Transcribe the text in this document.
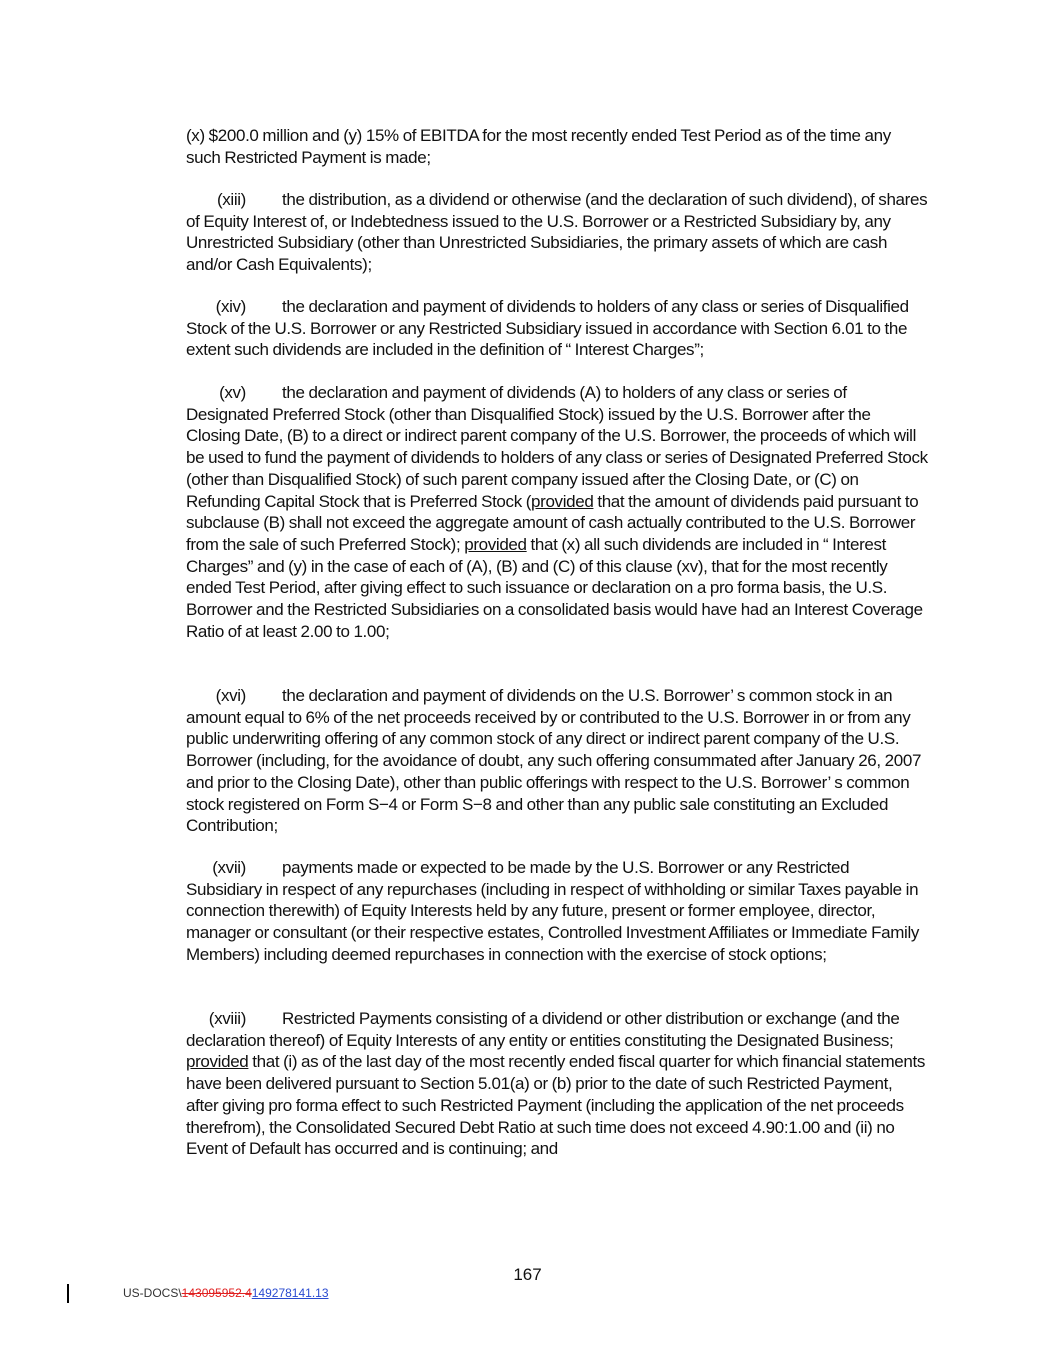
(x) $200.0 million and (y) 15% of EBITDA for the most recently ended Test Period as of the time any such Restricted Payment is made;

(xiii) the distribution, as a dividend or otherwise (and the declaration of such dividend), of shares of Equity Interest of, or Indebtedness issued to the U.S. Borrower or a Restricted Subsidiary by, any Unrestricted Subsidiary (other than Unrestricted Subsidiaries, the primary assets of which are cash and/or Cash Equivalents);

(xiv) the declaration and payment of dividends to holders of any class or series of Disqualified Stock of the U.S. Borrower or any Restricted Subsidiary issued in accordance with Section 6.01 to the extent such dividends are included in the definition of “ Interest Charges”;

(xv) the declaration and payment of dividends (A) to holders of any class or series of Designated Preferred Stock (other than Disqualified Stock) issued by the U.S. Borrower after the Closing Date, (B) to a direct or indirect parent company of the U.S. Borrower, the proceeds of which will be used to fund the payment of dividends to holders of any class or series of Designated Preferred Stock (other than Disqualified Stock) of such parent company issued after the Closing Date, or (C) on Refunding Capital Stock that is Preferred Stock (provided that the amount of dividends paid pursuant to subclause (B) shall not exceed the aggregate amount of cash actually contributed to the U.S. Borrower from the sale of such Preferred Stock); provided that (x) all such dividends are included in “ Interest Charges” and (y) in the case of each of (A), (B) and (C) of this clause (xv), that for the most recently ended Test Period, after giving effect to such issuance or declaration on a pro forma basis, the U.S. Borrower and the Restricted Subsidiaries on a consolidated basis would have had an Interest Coverage Ratio of at least 2.00 to 1.00;

(xvi) the declaration and payment of dividends on the U.S. Borrower’ s common stock in an amount equal to 6% of the net proceeds received by or contributed to the U.S. Borrower in or from any public underwriting offering of any common stock of any direct or indirect parent company of the U.S. Borrower (including, for the avoidance of doubt, any such offering consummated after January 26, 2007 and prior to the Closing Date), other than public offerings with respect to the U.S. Borrower’ s common stock registered on Form S−4 or Form S−8 and other than any public sale constituting an Excluded Contribution;

(xvii) payments made or expected to be made by the U.S. Borrower or any Restricted Subsidiary in respect of any repurchases (including in respect of withholding or similar Taxes payable in connection therewith) of Equity Interests held by any future, present or former employee, director, manager or consultant (or their respective estates, Controlled Investment Affiliates or Immediate Family Members) including deemed repurchases in connection with the exercise of stock options;

(xviii) Restricted Payments consisting of a dividend or other distribution or exchange (and the declaration thereof) of Equity Interests of any entity or entities constituting the Designated Business; provided that (i) as of the last day of the most recently ended fiscal quarter for which financial statements have been delivered pursuant to Section 5.01(a) or (b) prior to the date of such Restricted Payment, after giving pro forma effect to such Restricted Payment (including the application of the net proceeds therefrom), the Consolidated Secured Debt Ratio at such time does not exceed 4.90:1.00 and (ii) no Event of Default has occurred and is continuing; and

167
US-DOCS\143095952.4149278141.13
